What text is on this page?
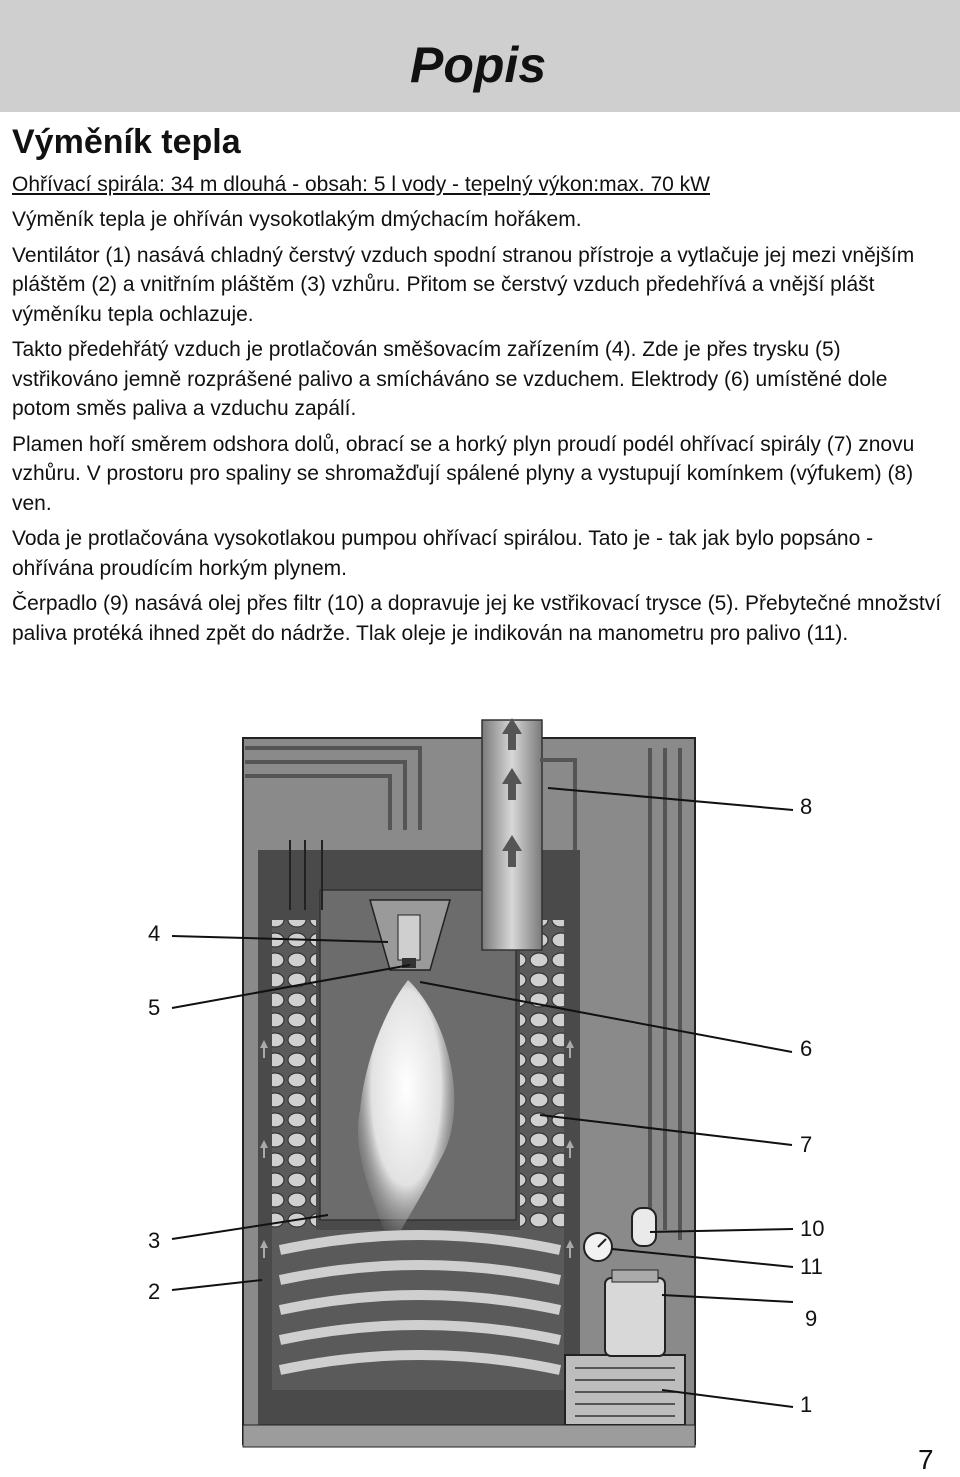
Popis
Výměník tepla
Ohřívací spirála: 34 m dlouhá - obsah: 5 l vody - tepelný výkon:max. 70 kW

Výměník tepla je ohříván vysokotlakým dmýchacím hořákem.

Ventilátor (1) nasává chladný čerstvý vzduch spodní stranou přístroje a vytlačuje jej mezi vnějším pláštěm (2) a vnitřním pláštěm (3) vzhůru. Přitom se čerstvý vzduch předehřívá a vnější plášt výměníku tepla ochlazuje.

Takto předehřátý vzduch je protlačován směšovacím zařízením (4). Zde je přes trysku (5) vstřikováno jemně rozprášené palivo a smícháváno se vzduchem. Elektrody (6) umístěné dole potom směs paliva a vzduchu zapálí.

Plamen hoří směrem odshora dolů, obrací se a horký plyn proudí podél ohřívací spirály (7) znovu vzhůru. V prostoru pro spaliny se shromažďují spálené plyny a vystupují komínkem (výfukem) (8) ven.

Voda je protlačována vysokotlakou pumpou ohřívací spirálou. Tato je - tak jak bylo popsáno - ohřívána proudícím horkým plynem.

Čerpadlo (9) nasává olej přes filtr (10) a dopravuje jej ke vstřikovací trysce (5). Přebytečné množství paliva protéká ihned zpět do nádrže. Tlak oleje je indikován na manometru pro palivo (11).

8
4
5
6
7
3
2
10
11
9
1
7
